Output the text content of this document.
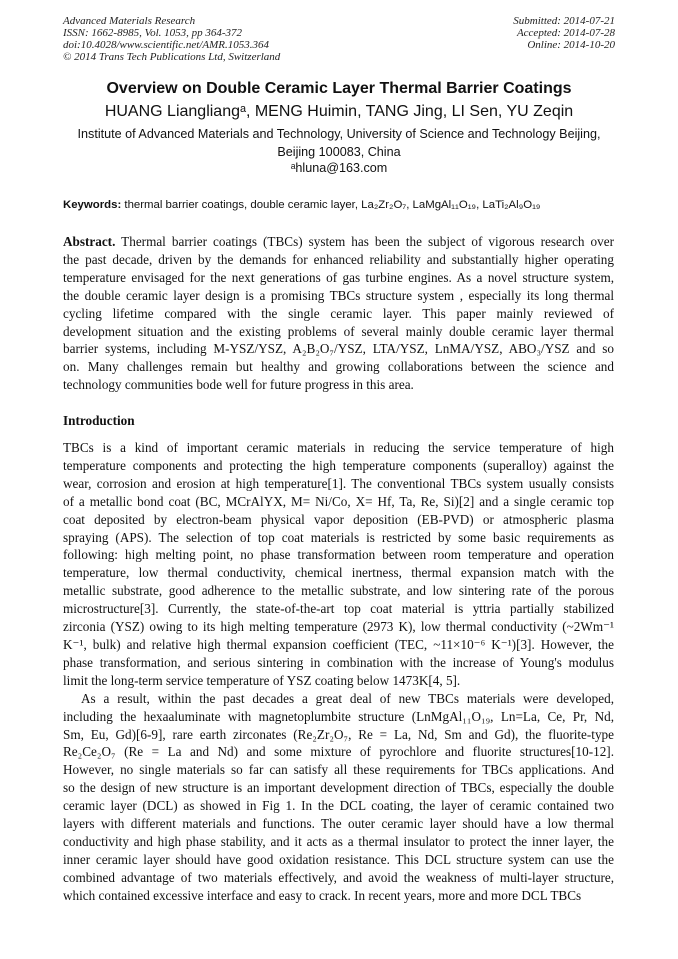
Advanced Materials Research
ISSN: 1662-8985, Vol. 1053, pp 364-372
doi:10.4028/www.scientific.net/AMR.1053.364
© 2014 Trans Tech Publications Ltd, Switzerland
Submitted: 2014-07-21
Accepted: 2014-07-28
Online: 2014-10-20
Overview on Double Ceramic Layer Thermal Barrier Coatings
HUANG Liangliangᵃ, MENG Huimin, TANG Jing, LI Sen, YU Zeqin
Institute of Advanced Materials and Technology, University of Science and Technology Beijing,
Beijing 100083, China
ᵃhluna@163.com
Keywords: thermal barrier coatings, double ceramic layer, La₂Zr₂O₇, LaMgAl₁₁O₁₉, LaTi₂Al₉O₁₉
Abstract. Thermal barrier coatings (TBCs) system has been the subject of vigorous research over
the past decade, driven by the demands for enhanced reliability and substantially higher operating
temperature envisaged for the next generations of gas turbine engines. As a novel structure system,
the double ceramic layer design is a promising TBCs structure system , especially its long thermal
cycling lifetime compared with the single ceramic layer. This paper mainly reviewed of
development situation and the existing problems of several mainly double ceramic layer thermal
barrier systems, including M-YSZ/YSZ, A₂B₂O₇/YSZ, LTA/YSZ, LnMA/YSZ, ABO₃/YSZ and so
on. Many challenges remain but healthy and growing collaborations between the science and
technology communities bode well for future progress in this area.
Introduction
TBCs is a kind of important ceramic materials in reducing the service temperature of high
temperature components and protecting the high temperature components (superalloy) against the
wear, corrosion and erosion at high temperature[1]. The conventional TBCs system usually consists
of a metallic bond coat (BC, MCrAlYX, M= Ni/Co, X= Hf, Ta, Re, Si)[2] and a single ceramic top
coat deposited by electron-beam physical vapor deposition (EB-PVD) or atmospheric plasma
spraying (APS). The selection of top coat materials is restricted by some basic requirements as
following: high melting point, no phase transformation between room temperature and operation
temperature, low thermal conductivity, chemical inertness, thermal expansion match with the
metallic substrate, good adherence to the metallic substrate, and low sintering rate of the porous
microstructure[3]. Currently, the state-of-the-art top coat material is yttria partially stabilized
zirconia (YSZ) owing to its high melting temperature (2973 K), low thermal conductivity (~2Wm⁻¹
K⁻¹, bulk) and relative high thermal expansion coefficient (TEC, ~11×10⁻⁶ K⁻¹)[3]. However, the
phase transformation, and serious sintering in combination with the increase of Young's modulus
limit the long-term service temperature of YSZ coating below 1473K[4, 5].
As a result, within the past decades a great deal of new TBCs materials were developed,
including the hexaaluminate with magnetoplumbite structure (LnMgAl₁₁O₁₉, Ln=La, Ce, Pr, Nd,
Sm, Eu, Gd)[6-9], rare earth zirconates (Re₂Zr₂O₇, Re = La, Nd, Sm and Gd), the fluorite-type
Re₂Ce₂O₇ (Re = La and Nd) and some mixture of pyrochlore and fluorite structures[10-12].
However, no single materials so far can satisfy all these requirements for TBCs applications. And
so the design of new structure is an important development direction of TBCs, especially the double
ceramic layer (DCL) as showed in Fig 1. In the DCL coating, the layer of ceramic contained two
layers with different materials and functions. The outer ceramic layer should have a low thermal
conductivity and high phase stability, and it acts as a thermal insulator to protect the inner layer, the
inner ceramic layer should have good oxidation resistance. This DCL structure system can use the
combined advantage of two materials effectively, and avoid the weakness of multi-layer structure,
which contained excessive interface and easy to crack. In recent years, more and more DCL TBCs
